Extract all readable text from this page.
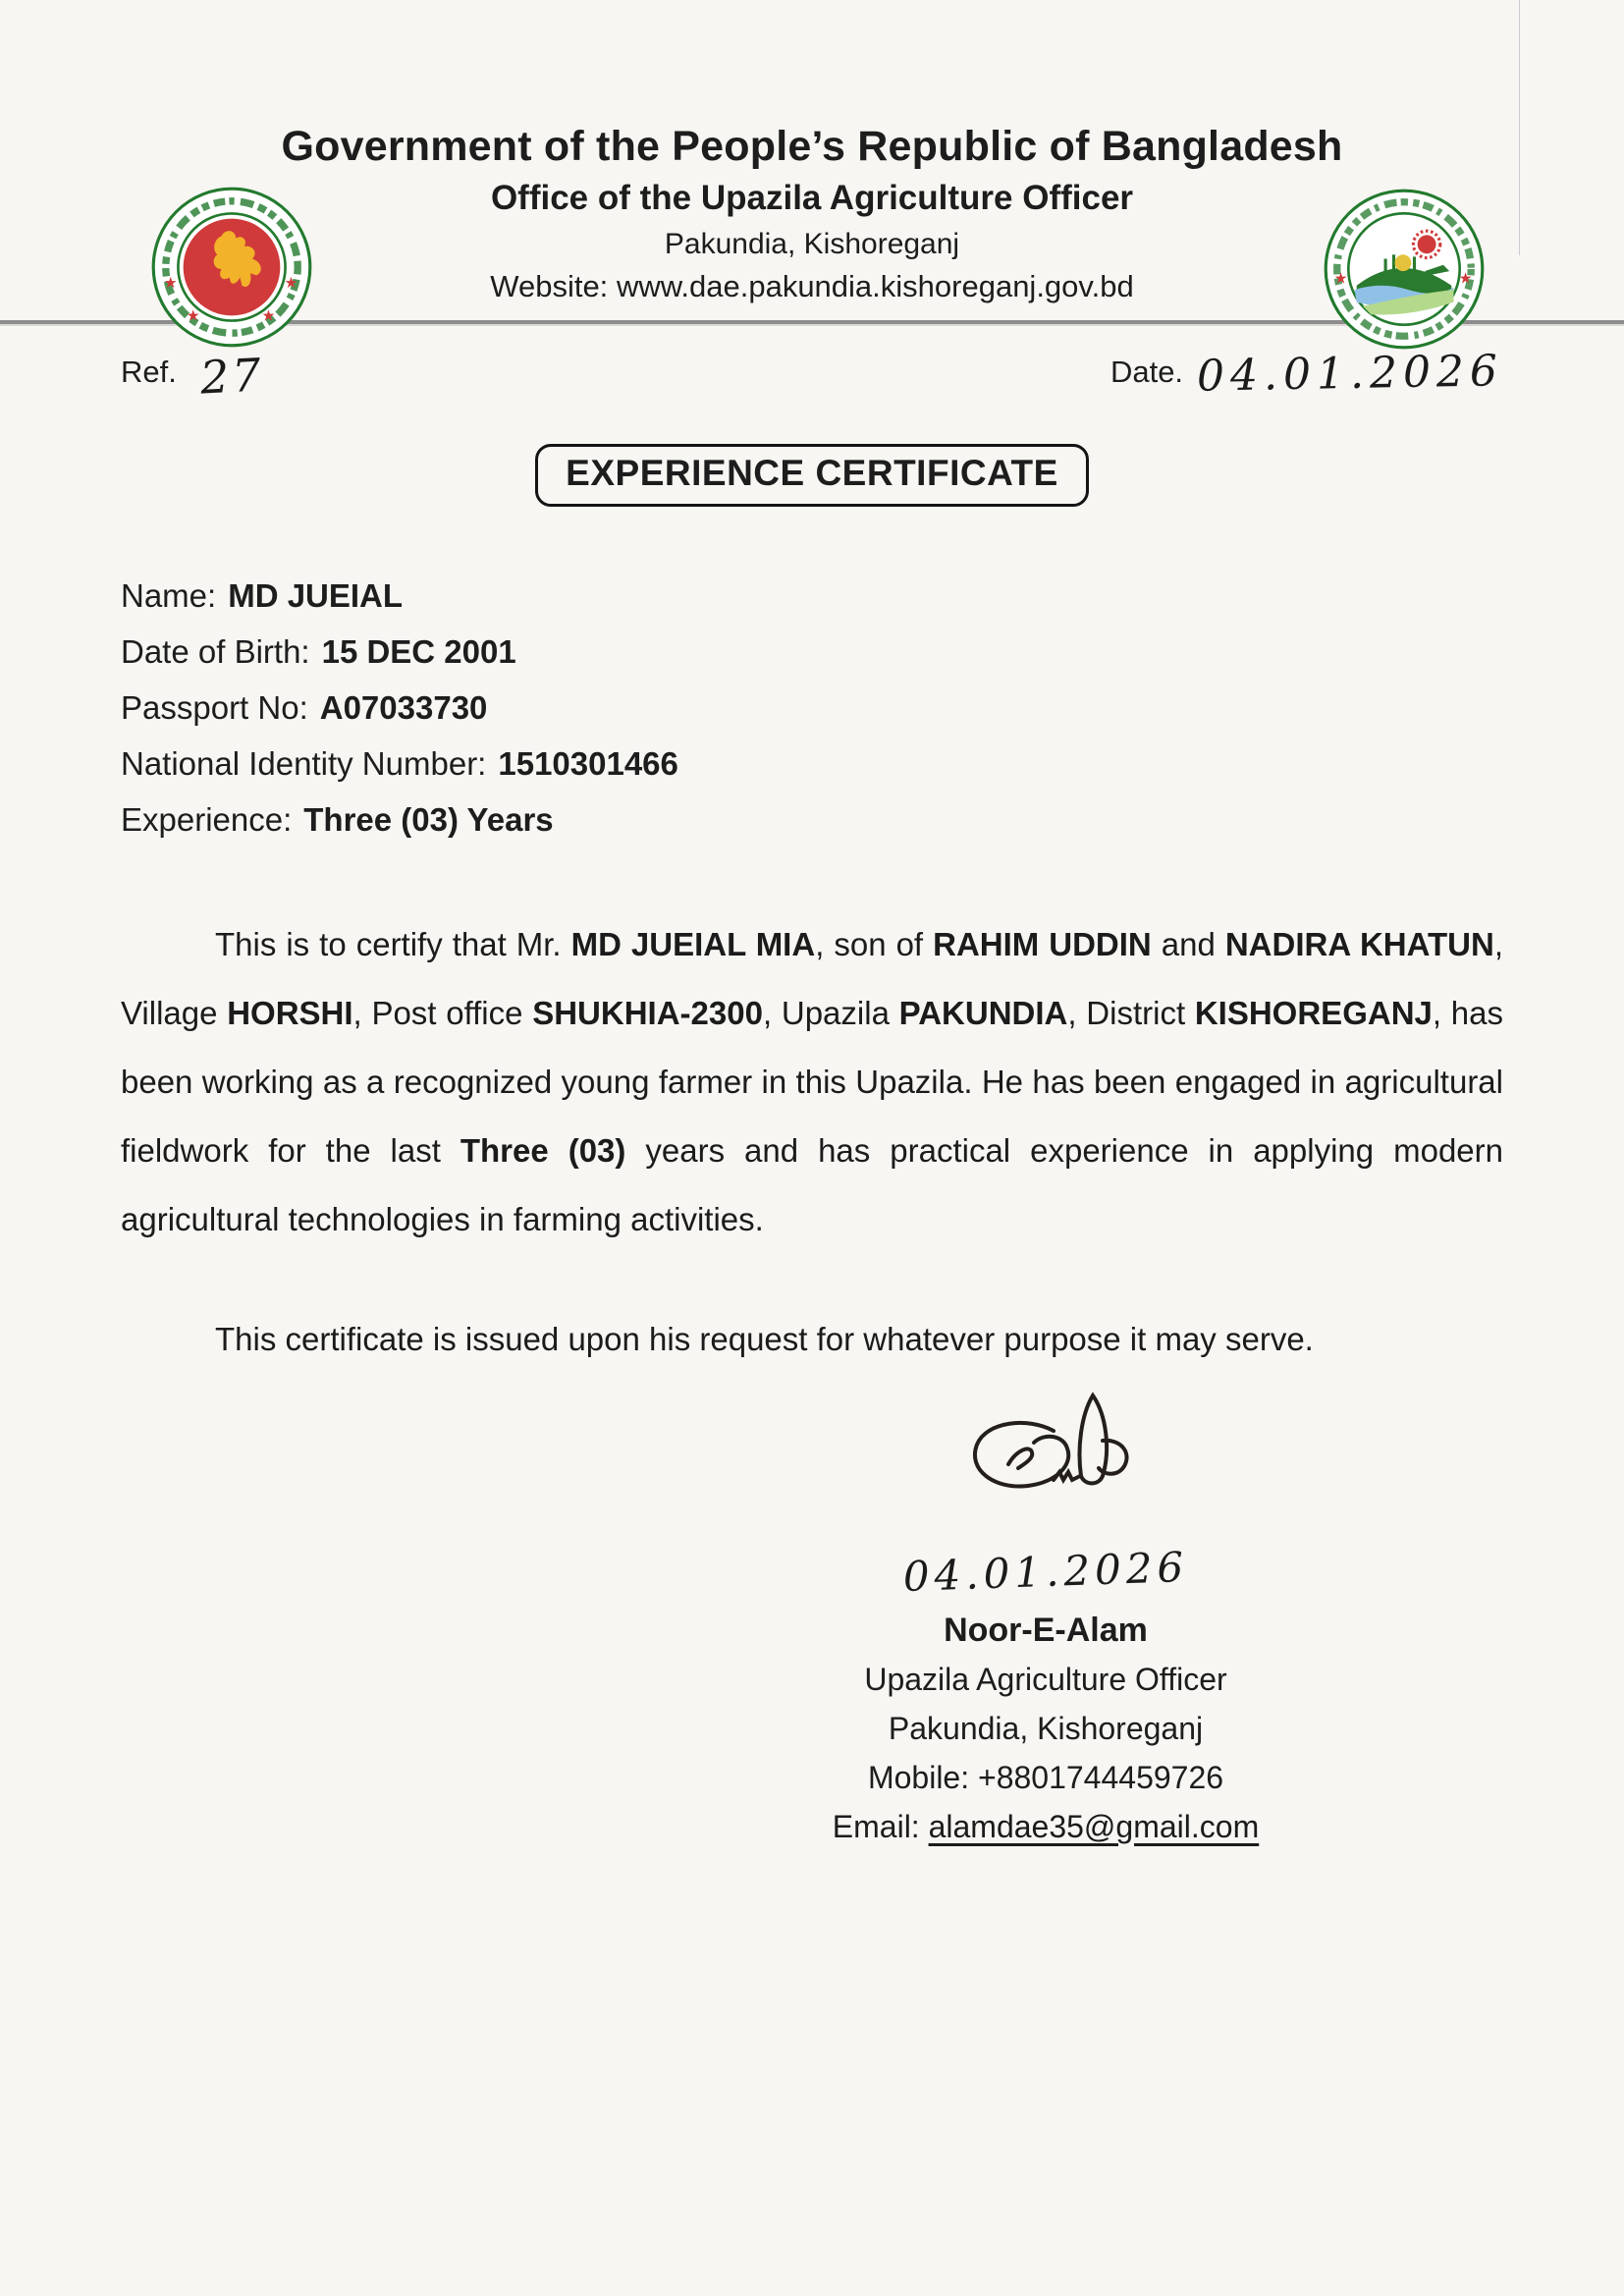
Government of the People’s Republic of Bangladesh
Office of the Upazila Agriculture Officer
Pakundia, Kishoreganj
Website: www.dae.pakundia.kishoreganj.gov.bd
★	★
★	★
★	★
Ref. 27	Date. 04.01.2026
EXPERIENCE CERTIFICATE
Name: MD JUEIAL
Date of Birth: 15 DEC 2001
Passport No: A07033730
National Identity Number: 1510301466
Experience: Three (03) Years

This is to certify that Mr. MD JUEIAL MIA, son of RAHIM UDDIN and NADIRA KHATUN, Village HORSHI, Post office SHUKHIA-2300, Upazila PAKUNDIA, District KISHOREGANJ, has been working as a recognized young farmer in this Upazila. He has been engaged in agricultural fieldwork for the last Three (03) years and has practical experience in applying modern agricultural technologies in farming activities.

This certificate is issued upon his request for whatever purpose it may serve.

04.01.2026
Noor-E-Alam
Upazila Agriculture Officer
Pakundia, Kishoreganj
Mobile: +8801744459726
Email: alamdae35@gmail.com
